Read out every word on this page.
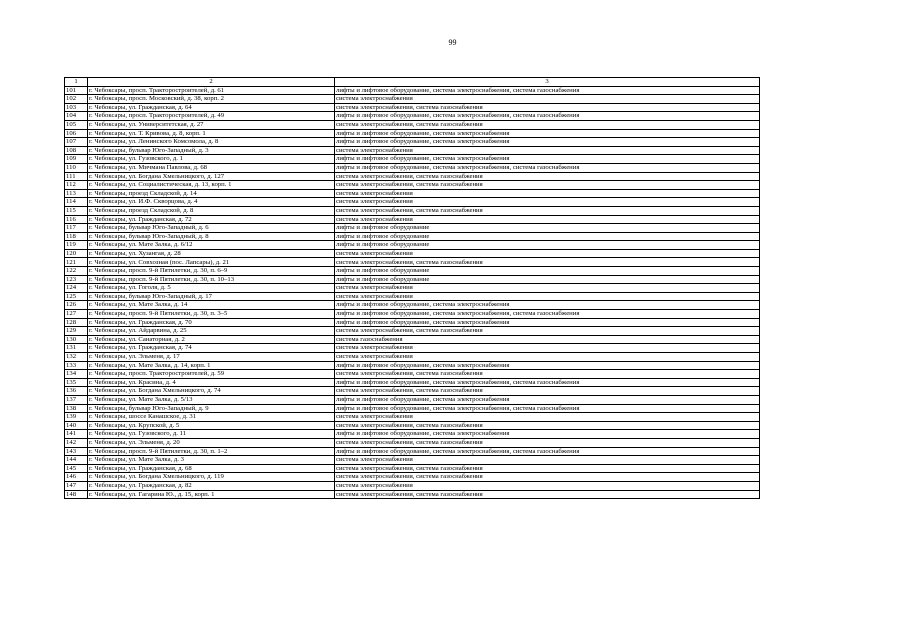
99
1	2	3
101	г. Чебоксары, просп. Тракторостроителей, д. 61	лифты и лифтовое оборудование, система электроснабжения, система газоснабжения
102	г. Чебоксары, просп. Московский, д. 38, корп. 2	система электроснабжения
103	г. Чебоксары, ул. Гражданская, д. 64	система электроснабжения, система газоснабжения
104	г. Чебоксары, просп. Тракторостроителей, д. 49	лифты и лифтовое оборудование, система электроснабжения, система газоснабжения
105	г. Чебоксары, ул. Университетская, д. 27	система электроснабжения, система газоснабжения
106	г. Чебоксары, ул. Т. Кривова, д. 8, корп. 1	лифты и лифтовое оборудование, система электроснабжения
107	г. Чебоксары, ул. Ленинского Комсомола, д. 8	лифты и лифтовое оборудование, система электроснабжения
108	г. Чебоксары, бульвар Юго-Западный, д. 3	система электроснабжения
109	г. Чебоксары, ул. Гузовского, д. 1	лифты и лифтовое оборудование, система электроснабжения
110	г. Чебоксары, ул. Мичмана Павлова, д. 68	лифты и лифтовое оборудование, система электроснабжения, система газоснабжения
111	г. Чебоксары, ул. Богдана Хмельницкого, д. 127	система электроснабжения, система газоснабжения
112	г. Чебоксары, ул. Социалистическая, д. 13, корп. 1	система электроснабжения, система газоснабжения
113	г. Чебоксары, проезд Складской, д. 14	система электроснабжения
114	г. Чебоксары, ул. И.Ф. Скворцова, д. 4	система электроснабжения
115	г. Чебоксары, проезд Складской, д. 8	система электроснабжения, система газоснабжения
116	г. Чебоксары, ул. Гражданская, д. 72	система электроснабжения
117	г. Чебоксары, бульвар Юго-Западный, д. 6	лифты и лифтовое оборудование
118	г. Чебоксары, бульвар Юго-Западный, д. 8	лифты и лифтовое оборудование
119	г. Чебоксары, ул. Мате Залка, д. 6/12	лифты и лифтовое оборудование
120	г. Чебоксары, ул. Хузангая, д. 28	система электроснабжения
121	г. Чебоксары, ул. Совхозная (пос. Лапсары), д. 21	система электроснабжения, система газоснабжения
122	г. Чебоксары, просп. 9-й Пятилетки, д. 30, п. 6–9	лифты и лифтовое оборудование
123	г. Чебоксары, просп. 9-й Пятилетки, д. 30, п. 10–13	лифты и лифтовое оборудование
124	г. Чебоксары, ул. Гоголя, д. 5	система электроснабжения
125	г. Чебоксары, бульвар Юго-Западный, д. 17	система электроснабжения
126	г. Чебоксары, ул. Мате Залка, д. 14	лифты и лифтовое оборудование, система электроснабжения
127	г. Чебоксары, просп. 9-й Пятилетки, д. 30, п. 3–5	лифты и лифтовое оборудование, система электроснабжения, система газоснабжения
128	г. Чебоксары, ул. Гражданская, д. 70	лифты и лифтовое оборудование, система электроснабжения
129	г. Чебоксары, ул. Айдарвина, д. 25	система электроснабжения, система газоснабжения
130	г. Чебоксары, ул. Санаторная, д. 2	система газоснабжения
131	г. Чебоксары, ул. Гражданская, д. 74	система электроснабжения
132	г. Чебоксары, ул. Эльменя, д. 17	система электроснабжения
133	г. Чебоксары, ул. Мате Залка, д. 14, корп. 1	лифты и лифтовое оборудование, система электроснабжения
134	г. Чебоксары, просп. Тракторостроителей, д. 59	система электроснабжения, система газоснабжения
135	г. Чебоксары, ул. Красина, д. 4	лифты и лифтовое оборудование, система электроснабжения, система газоснабжения
136	г. Чебоксары, ул. Богдана Хмельницкого, д. 74	система электроснабжения, система газоснабжения
137	г. Чебоксары, ул. Мате Залка, д. 5/13	лифты и лифтовое оборудование, система электроснабжения
138	г. Чебоксары, бульвар Юго-Западный, д. 9	лифты и лифтовое оборудование, система электроснабжения, система газоснабжения
139	г. Чебоксары, шоссе Канашское, д. 31	система электроснабжения
140	г. Чебоксары, ул. Крупской, д. 5	система электроснабжения, система газоснабжения
141	г. Чебоксары, ул. Гузовского, д. 11	лифты и лифтовое оборудование, система электроснабжения
142	г. Чебоксары, ул. Эльменя, д. 20	система электроснабжения, система газоснабжения
143	г. Чебоксары, просп. 9-й Пятилетки, д. 30, п. 1–2	лифты и лифтовое оборудование, система электроснабжения, система газоснабжения
144	г. Чебоксары, ул. Мате Залка, д. 3	система электроснабжения
145	г. Чебоксары, ул. Гражданская, д. 68	система электроснабжения, система газоснабжения
146	г. Чебоксары, ул. Богдана Хмельницкого, д. 119	система электроснабжения, система газоснабжения
147	г. Чебоксары, ул. Гражданская, д. 82	система электроснабжения
148	г. Чебоксары, ул. Гагарина Ю., д. 15, корп. 1	система электроснабжения, система газоснабжения
